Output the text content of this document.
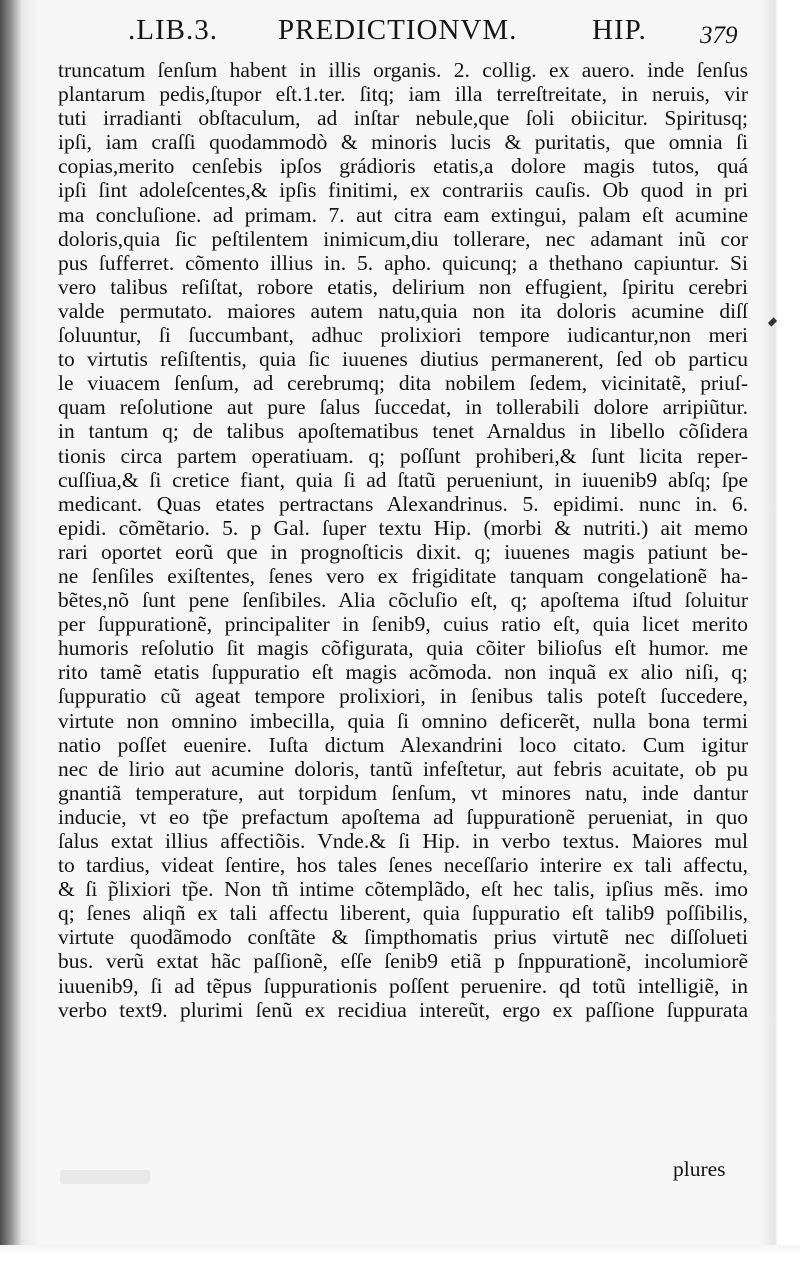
.LIB.3. PREDICTIONVM.	HIP. 379
truncatum ſenſum habent in illis organis. 2. collig. ex auero. inde ſenſus
plantarum pedis,ſtupor eſt.1.ter. ſitq; iam illa terreſtreitate, in neruis, vir
tuti irradianti obſtaculum, ad inſtar nebule,que ſoli obiicitur. Spiritusq;
ipſi, iam craſſi quodammodò & minoris lucis & puritatis, que omnia ſi
copias,merito cenſebis ipſos grádioris etatis,a dolore magis tutos, quá
ipſi ſint adoleſcentes,& ipſis finitimi, ex contrariis cauſis. Ob quod in pri
ma concluſione. ad primam. 7. aut citra eam extingui, palam eſt acumine
doloris,quia ſic peſtilentem inimicum,diu tollerare, nec adamant inũ cor
pus ſufferret. cõmento illius in. 5. apho. quicunq; a thethano capiuntur. Si
vero talibus reſiſtat, robore etatis, delirium non effugient, ſpiritu cerebri
valde permutato. maiores autem natu,quia non ita doloris acumine diſſ
ſoluuntur, ſi ſuccumbant, adhuc prolixiori tempore iudicantur,non meri
to virtutis reſiſtentis, quia ſic iuuenes diutius permanerent, ſed ob particu
le viuacem ſenſum, ad cerebrumq; dita nobilem ſedem, vicinitatẽ, priuſ-
quam reſolutione aut pure ſalus ſuccedat, in tollerabili dolore arripiũtur.
in tantum q; de talibus apoſtematibus tenet Arnaldus in libello cõſidera
tionis circa partem operatiuam. q; poſſunt prohiberi,& ſunt licita reper-
cuſſiua,& ſi cretice fiant, quia ſi ad ſtatũ perueniunt, in iuuenib9 abſq; ſpe
medicant. Quas etates pertractans Alexandrinus. 5. epidimi. nunc in. 6.
epidi. cõmẽtario. 5. p Gal. ſuper textu Hip. (morbi & nutriti.) ait memo
rari oportet eorũ que in prognoſticis dixit. q; iuuenes magis patiunt be-
ne ſenſiles exiſtentes, ſenes vero ex frigiditate tanquam congelationẽ ha-
bẽtes,nõ ſunt pene ſenſibiles. Alia cõcluſio eſt, q; apoſtema iſtud ſoluitur
per ſuppurationẽ, principaliter in ſenib9, cuius ratio eſt, quia licet merito
humoris reſolutio ſit magis cõfigurata, quia cõiter bilioſus eſt humor. me
rito tamẽ etatis ſuppuratio eſt magis acõmoda. non inquã ex alio niſi, q;
ſuppuratio cũ ageat tempore prolixiori, in ſenibus talis poteſt ſuccedere,
virtute non omnino imbecilla, quia ſi omnino deficerẽt, nulla bona termi
natio poſſet euenire. Iuſta dictum Alexandrini loco citato. Cum igitur
nec de lirio aut acumine doloris, tantũ infeſtetur, aut febris acuitate, ob pu
gnantiã temperature, aut torpidum ſenſum, vt minores natu, inde dantur
inducie, vt eo tp̃e prefactum apoſtema ad ſuppurationẽ perueniat, in quo
ſalus extat illius affectiõis. Vnde.& ſi Hip. in verbo textus. Maiores mul
to tardius, videat ſentire, hos tales ſenes neceſſario interire ex tali affectu,
& ſi p̃lixiori tp̃e. Non tñ intime cõtemplãdo, eſt hec talis, ipſius mẽs. imo
q; ſenes aliqñ ex tali affectu liberent, quia ſuppuratio eſt talib9 poſſibilis,
virtute quodãmodo conſtãte & ſimpthomatis prius virtutẽ nec diſſolueti
bus. verũ extat hãc paſſionẽ, eſſe ſenib9 etiã p ſnppurationẽ, incolumiorẽ
iuuenib9, ſi ad tẽpus ſuppurationis poſſent peruenire. qd totũ intelligiẽ, in
verbo text9. plurimi ſenũ ex recidiua intereũt, ergo ex paſſione ſuppurata
plures
